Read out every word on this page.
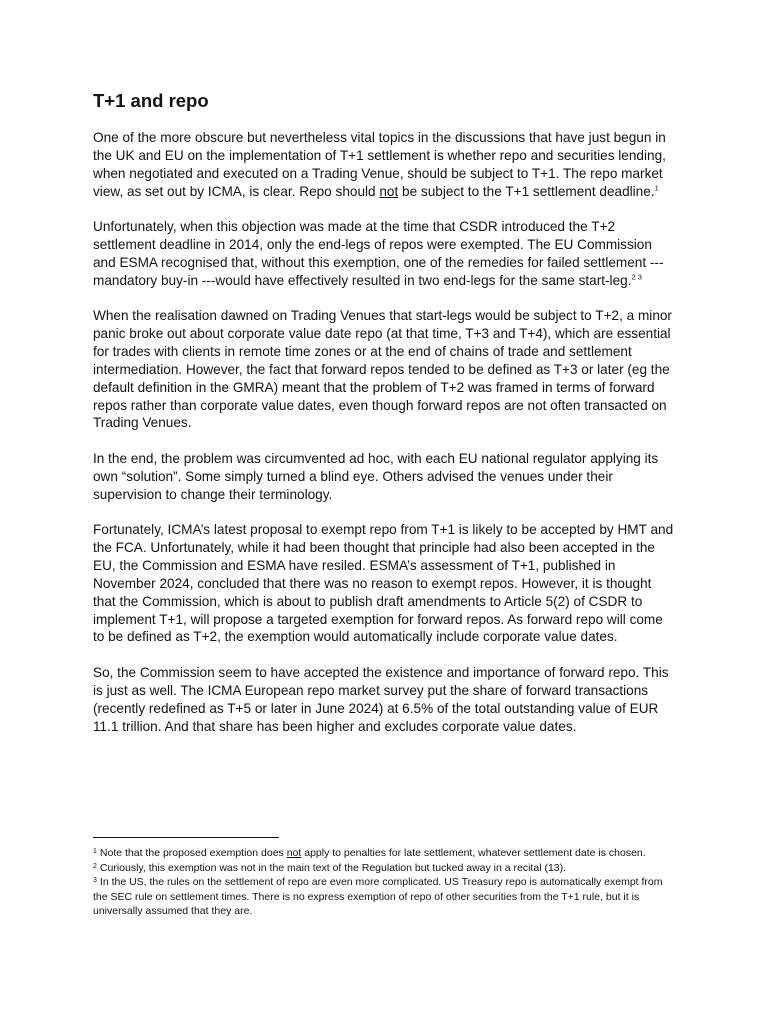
T+1 and repo

One of the more obscure but nevertheless vital topics in the discussions that have just begun in the UK and EU on the implementation of T+1 settlement is whether repo and securities lending, when negotiated and executed on a Trading Venue, should be subject to T+1. The repo market view, as set out by ICMA, is clear. Repo should not be subject to the T+1 settlement deadline.$^1$

Unfortunately, when this objection was made at the time that CSDR introduced the T+2 settlement deadline in 2014, only the end-legs of repos were exempted. The EU Commission and ESMA recognised that, without this exemption, one of the remedies for failed settlement --- mandatory buy-in ---would have effectively resulted in two end-legs for the same start-leg.$^{2 3}$

When the realisation dawned on Trading Venues that start-legs would be subject to T+2, a minor panic broke out about corporate value date repo (at that time, T+3 and T+4), which are essential for trades with clients in remote time zones or at the end of chains of trade and settlement intermediation. However, the fact that forward repos tended to be defined as T+3 or later (eg the default definition in the GMRA) meant that the problem of T+2 was framed in terms of forward repos rather than corporate value dates, even though forward repos are not often transacted on Trading Venues.

In the end, the problem was circumvented ad hoc, with each EU national regulator applying its own “solution”. Some simply turned a blind eye. Others advised the venues under their supervision to change their terminology.

Fortunately, ICMA’s latest proposal to exempt repo from T+1 is likely to be accepted by HMT and the FCA. Unfortunately, while it had been thought that principle had also been accepted in the EU, the Commission and ESMA have resiled. ESMA’s assessment of T+1, published in November 2024, concluded that there was no reason to exempt repos. However, it is thought that the Commission, which is about to publish draft amendments to Article 5(2) of CSDR to implement T+1, will propose a targeted exemption for forward repos. As forward repo will come to be defined as T+2, the exemption would automatically include corporate value dates.

So, the Commission seem to have accepted the existence and importance of forward repo. This is just as well. The ICMA European repo market survey put the share of forward transactions (recently redefined as T+5 or later in June 2024) at 6.5% of the total outstanding value of EUR 11.1 trillion. And that share has been higher and excludes corporate value dates.

$^1$ Note that the proposed exemption does not apply to penalties for late settlement, whatever settlement date is chosen.

$^2$ Curiously, this exemption was not in the main text of the Regulation but tucked away in a recital (13).

$^3$ In the US, the rules on the settlement of repo are even more complicated. US Treasury repo is automatically exempt from the SEC rule on settlement times. There is no express exemption of repo of other securities from the T+1 rule, but it is universally assumed that they are.
